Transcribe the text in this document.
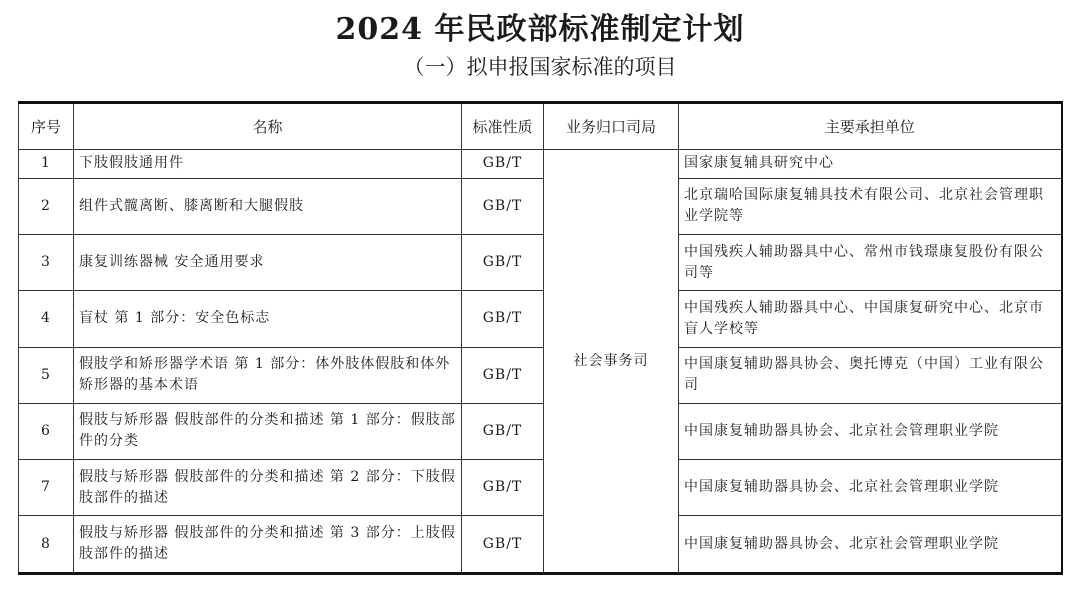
2024 年民政部标准制定计划
（一）拟申报国家标准的项目
序号	名称	标准性质	业务归口司局	主要承担单位
1	下肢假肢通用件	GB/T	社会事务司	国家康复辅具研究中心
2	组件式髋离断、膝离断和大腿假肢	GB/T		北京瑞哈国际康复辅具技术有限公司、北京社会管理职业学院等
3	康复训练器械 安全通用要求	GB/T		中国残疾人辅助器具中心、常州市钱璟康复股份有限公司等
4	盲杖 第 1 部分：安全色标志	GB/T		中国残疾人辅助器具中心、中国康复研究中心、北京市盲人学校等
5	假肢学和矫形器学术语 第 1 部分：体外肢体假肢和体外矫形器的基本术语	GB/T		中国康复辅助器具协会、奥托博克（中国）工业有限公司
6	假肢与矫形器 假肢部件的分类和描述 第 1 部分：假肢部件的分类	GB/T		中国康复辅助器具协会、北京社会管理职业学院
7	假肢与矫形器 假肢部件的分类和描述 第 2 部分：下肢假肢部件的描述	GB/T		中国康复辅助器具协会、北京社会管理职业学院
8	假肢与矫形器 假肢部件的分类和描述 第 3 部分：上肢假肢部件的描述	GB/T		中国康复辅助器具协会、北京社会管理职业学院
